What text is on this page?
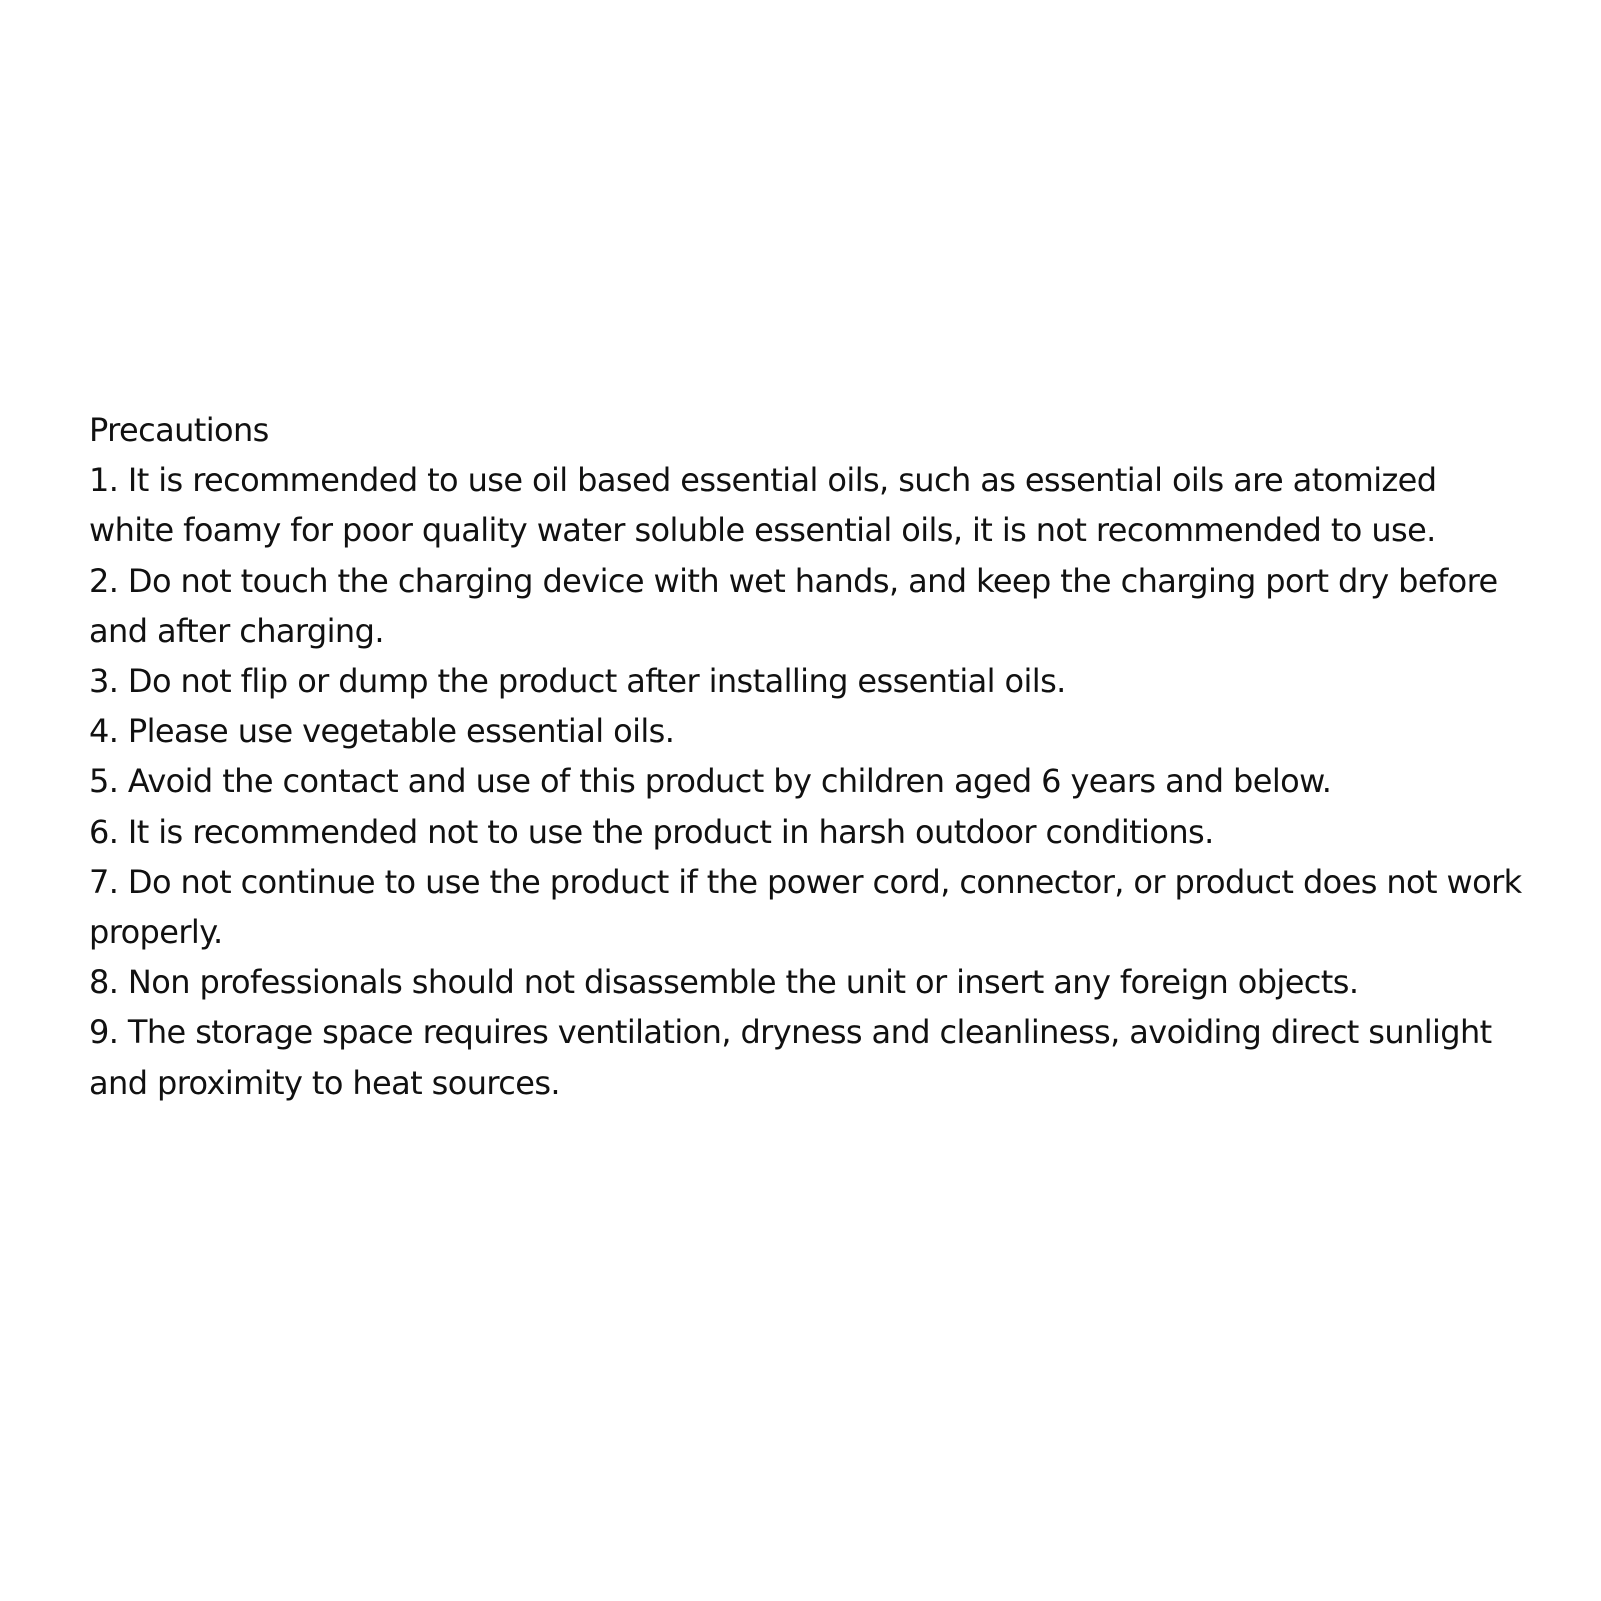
Precautions
1. It is recommended to use oil based essential oils, such as essential oils are atomized white foamy for poor quality water soluble essential oils, it is not recommended to use.
2. Do not touch the charging device with wet hands, and keep the charging port dry before and after charging.
3. Do not flip or dump the product after installing essential oils.
4. Please use vegetable essential oils.
5. Avoid the contact and use of this product by children aged 6 years and below.
6. It is recommended not to use the product in harsh outdoor conditions.
7. Do not continue to use the product if the power cord, connector, or product does not work properly.
8. Non professionals should not disassemble the unit or insert any foreign objects.
9. The storage space requires ventilation, dryness and cleanliness, avoiding direct sunlight and proximity to heat sources.
